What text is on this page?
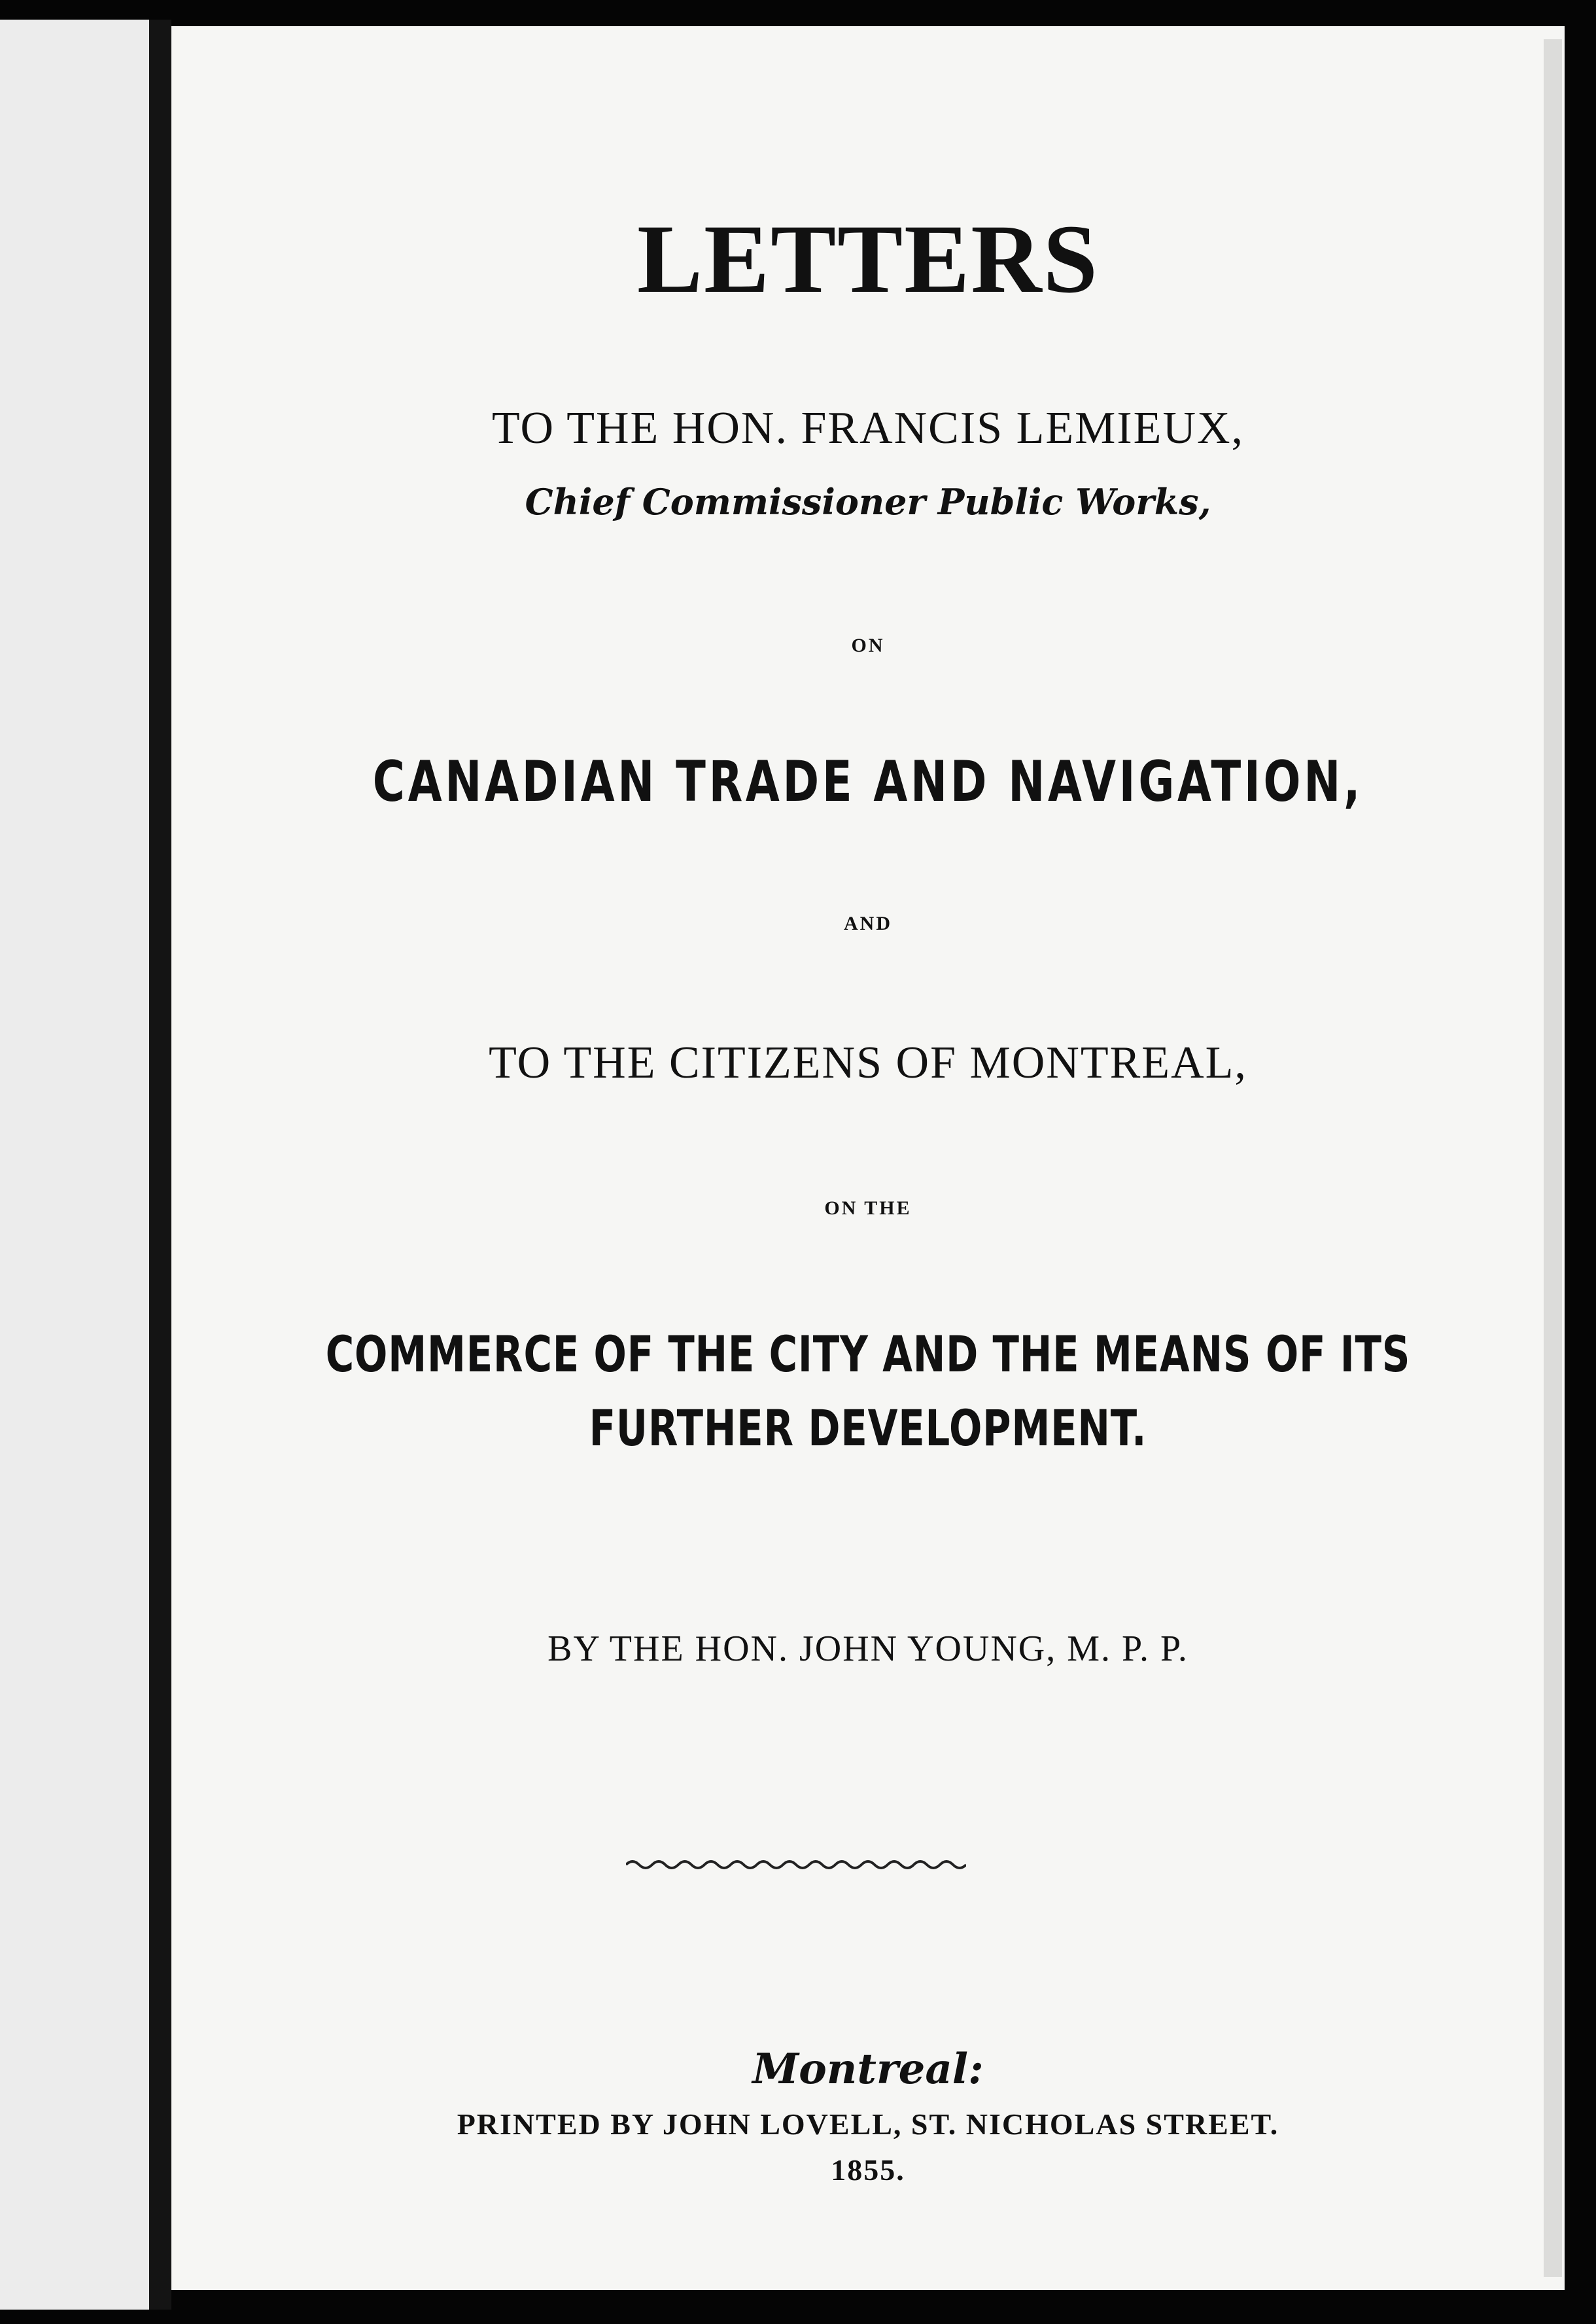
LETTERS

TO THE HON. FRANCIS LEMIEUX,

Chief Commissioner Public Works,

ON

CANADIAN TRADE AND NAVIGATION,

AND

TO THE CITIZENS OF MONTREAL,

ON THE

COMMERCE OF THE CITY AND THE MEANS OF ITS

FURTHER DEVELOPMENT.

BY THE HON. JOHN YOUNG, M. P. P.

Montreal:

PRINTED BY JOHN LOVELL, ST. NICHOLAS STREET.

1855.
